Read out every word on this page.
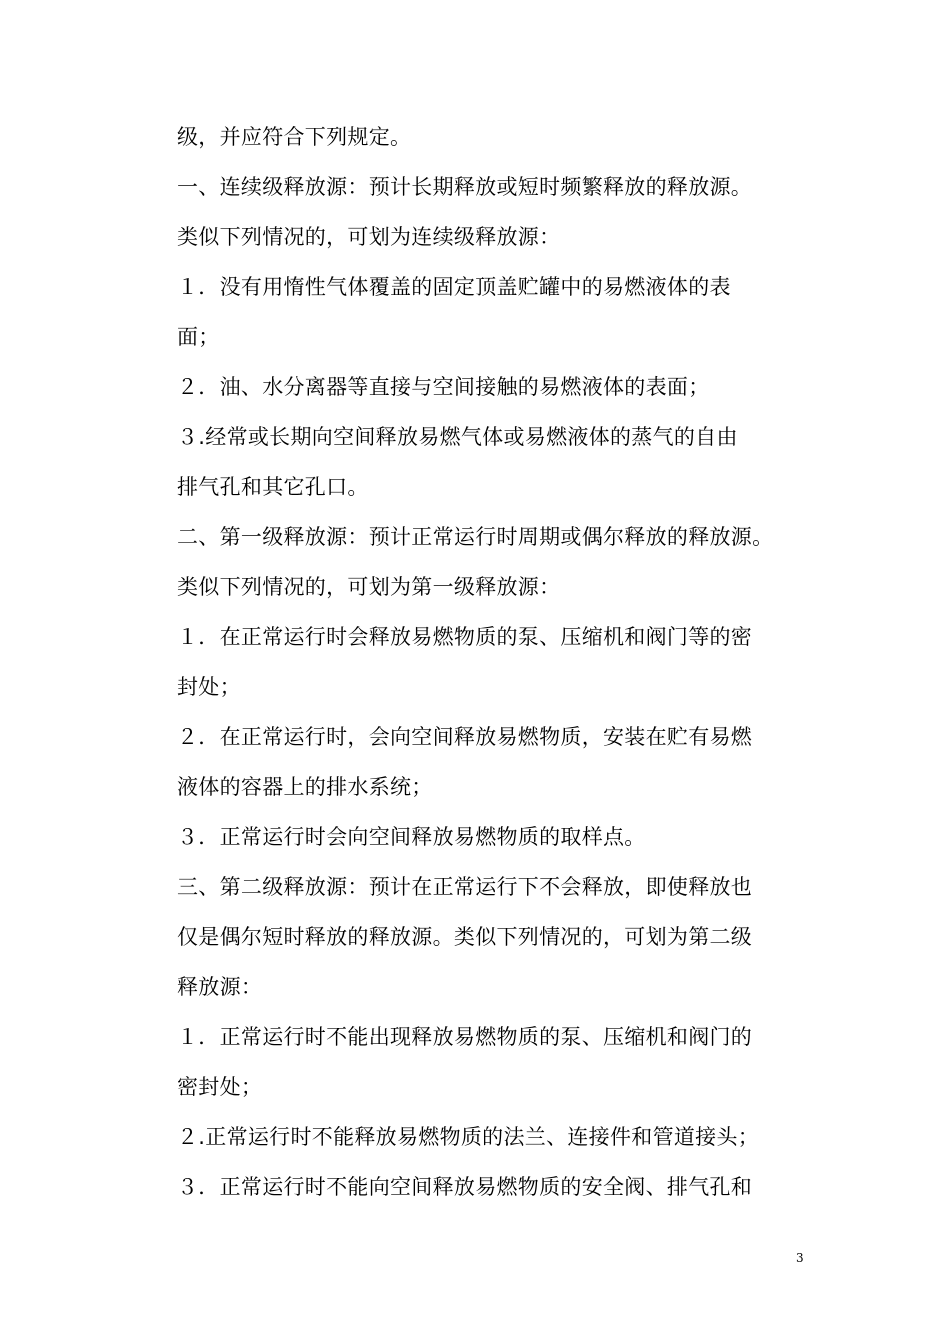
级，并应符合下列规定。
一、连续级释放源：预计长期释放或短时频繁释放的释放源。
类似下列情况的，可划为连续级释放源：
１．没有用惰性气体覆盖的固定顶盖贮罐中的易燃液体的表
面；
２．油、水分离器等直接与空间接触的易燃液体的表面；
３.经常或长期向空间释放易燃气体或易燃液体的蒸气的自由
排气孔和其它孔口。
二、第一级释放源：预计正常运行时周期或偶尔释放的释放源。
类似下列情况的，可划为第一级释放源：
１．在正常运行时会释放易燃物质的泵、压缩机和阀门等的密
封处；
２．在正常运行时，会向空间释放易燃物质，安装在贮有易燃
液体的容器上的排水系统；
３．正常运行时会向空间释放易燃物质的取样点。
三、第二级释放源：预计在正常运行下不会释放，即使释放也
仅是偶尔短时释放的释放源。类似下列情况的，可划为第二级
释放源：
１．正常运行时不能出现释放易燃物质的泵、压缩机和阀门的
密封处；
２.正常运行时不能释放易燃物质的法兰、连接件和管道接头；
３．正常运行时不能向空间释放易燃物质的安全阀、排气孔和
3
